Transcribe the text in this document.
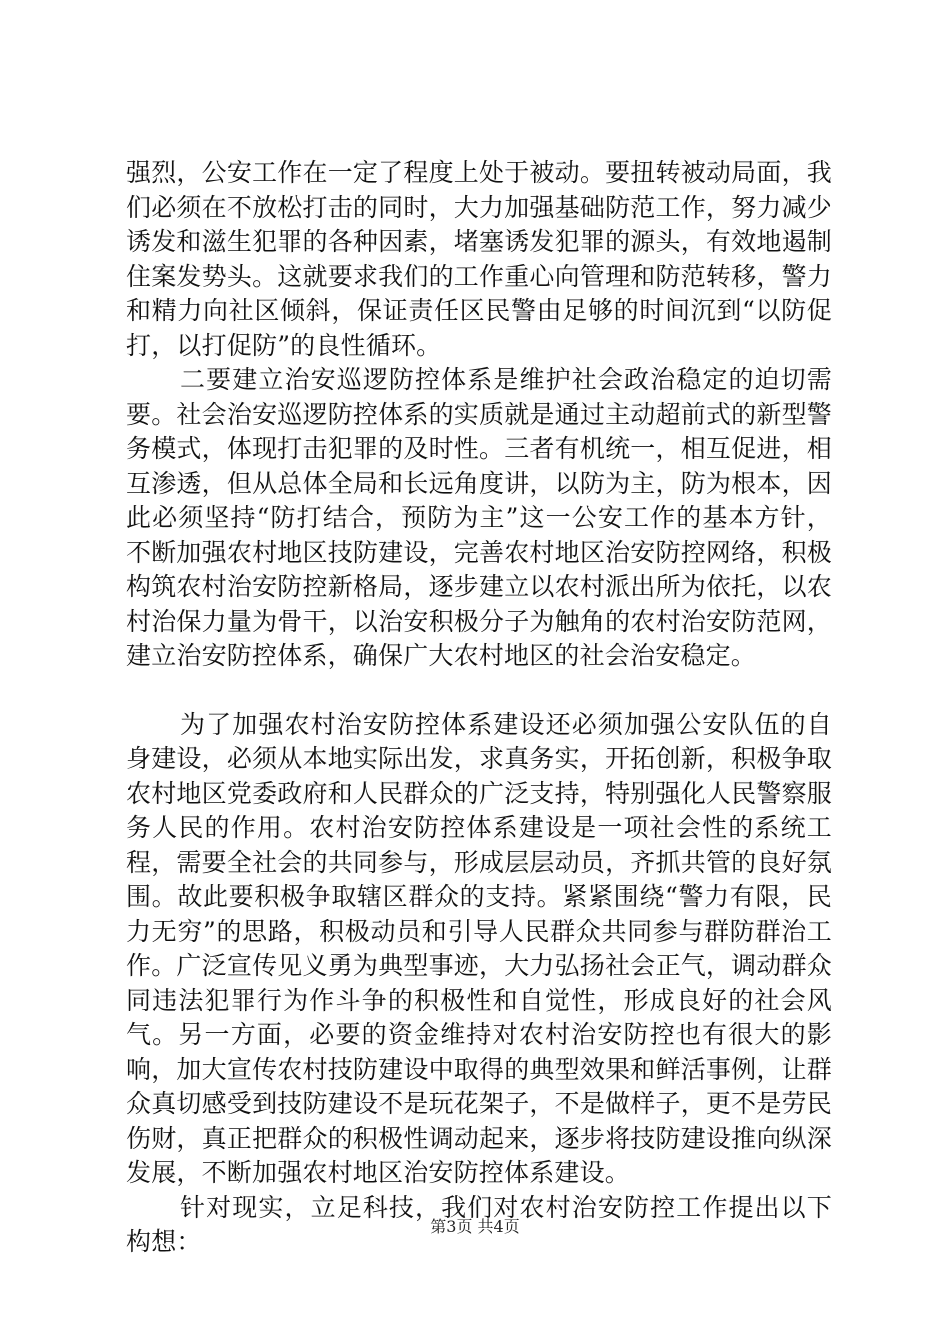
强烈，公安工作在一定了程度上处于被动。要扭转被动局面，我们必须在不放松打击的同时，大力加强基础防范工作，努力减少诱发和滋生犯罪的各种因素，堵塞诱发犯罪的源头，有效地遏制住案发势头。这就要求我们的工作重心向管理和防范转移，警力和精力向社区倾斜，保证责任区民警由足够的时间沉到“以防促打，以打促防”的良性循环。

二要建立治安巡逻防控体系是维护社会政治稳定的迫切需要。社会治安巡逻防控体系的实质就是通过主动超前式的新型警务模式，体现打击犯罪的及时性。三者有机统一，相互促进，相互渗透，但从总体全局和长远角度讲，以防为主，防为根本，因此必须坚持“防打结合，预防为主”这一公安工作的基本方针，不断加强农村地区技防建设，完善农村地区治安防控网络，积极构筑农村治安防控新格局，逐步建立以农村派出所为依托，以农村治保力量为骨干，以治安积极分子为触角的农村治安防范网，建立治安防控体系，确保广大农村地区的社会治安稳定。

为了加强农村治安防控体系建设还必须加强公安队伍的自身建设，必须从本地实际出发，求真务实，开拓创新，积极争取农村地区党委政府和人民群众的广泛支持，特别强化人民警察服务人民的作用。农村治安防控体系建设是一项社会性的系统工程，需要全社会的共同参与，形成层层动员，齐抓共管的良好氛围。故此要积极争取辖区群众的支持。紧紧围绕“警力有限，民力无穷”的思路，积极动员和引导人民群众共同参与群防群治工作。广泛宣传见义勇为典型事迹，大力弘扬社会正气，调动群众同违法犯罪行为作斗争的积极性和自觉性，形成良好的社会风气。另一方面，必要的资金维持对农村治安防控也有很大的影响，加大宣传农村技防建设中取得的典型效果和鲜活事例，让群众真切感受到技防建设不是玩花架子，不是做样子，更不是劳民伤财，真正把群众的积极性调动起来，逐步将技防建设推向纵深发展，不断加强农村地区治安防控体系建设。

针对现实，立足科技，我们对农村治安防控工作提出以下构想：

第3页 共4页
